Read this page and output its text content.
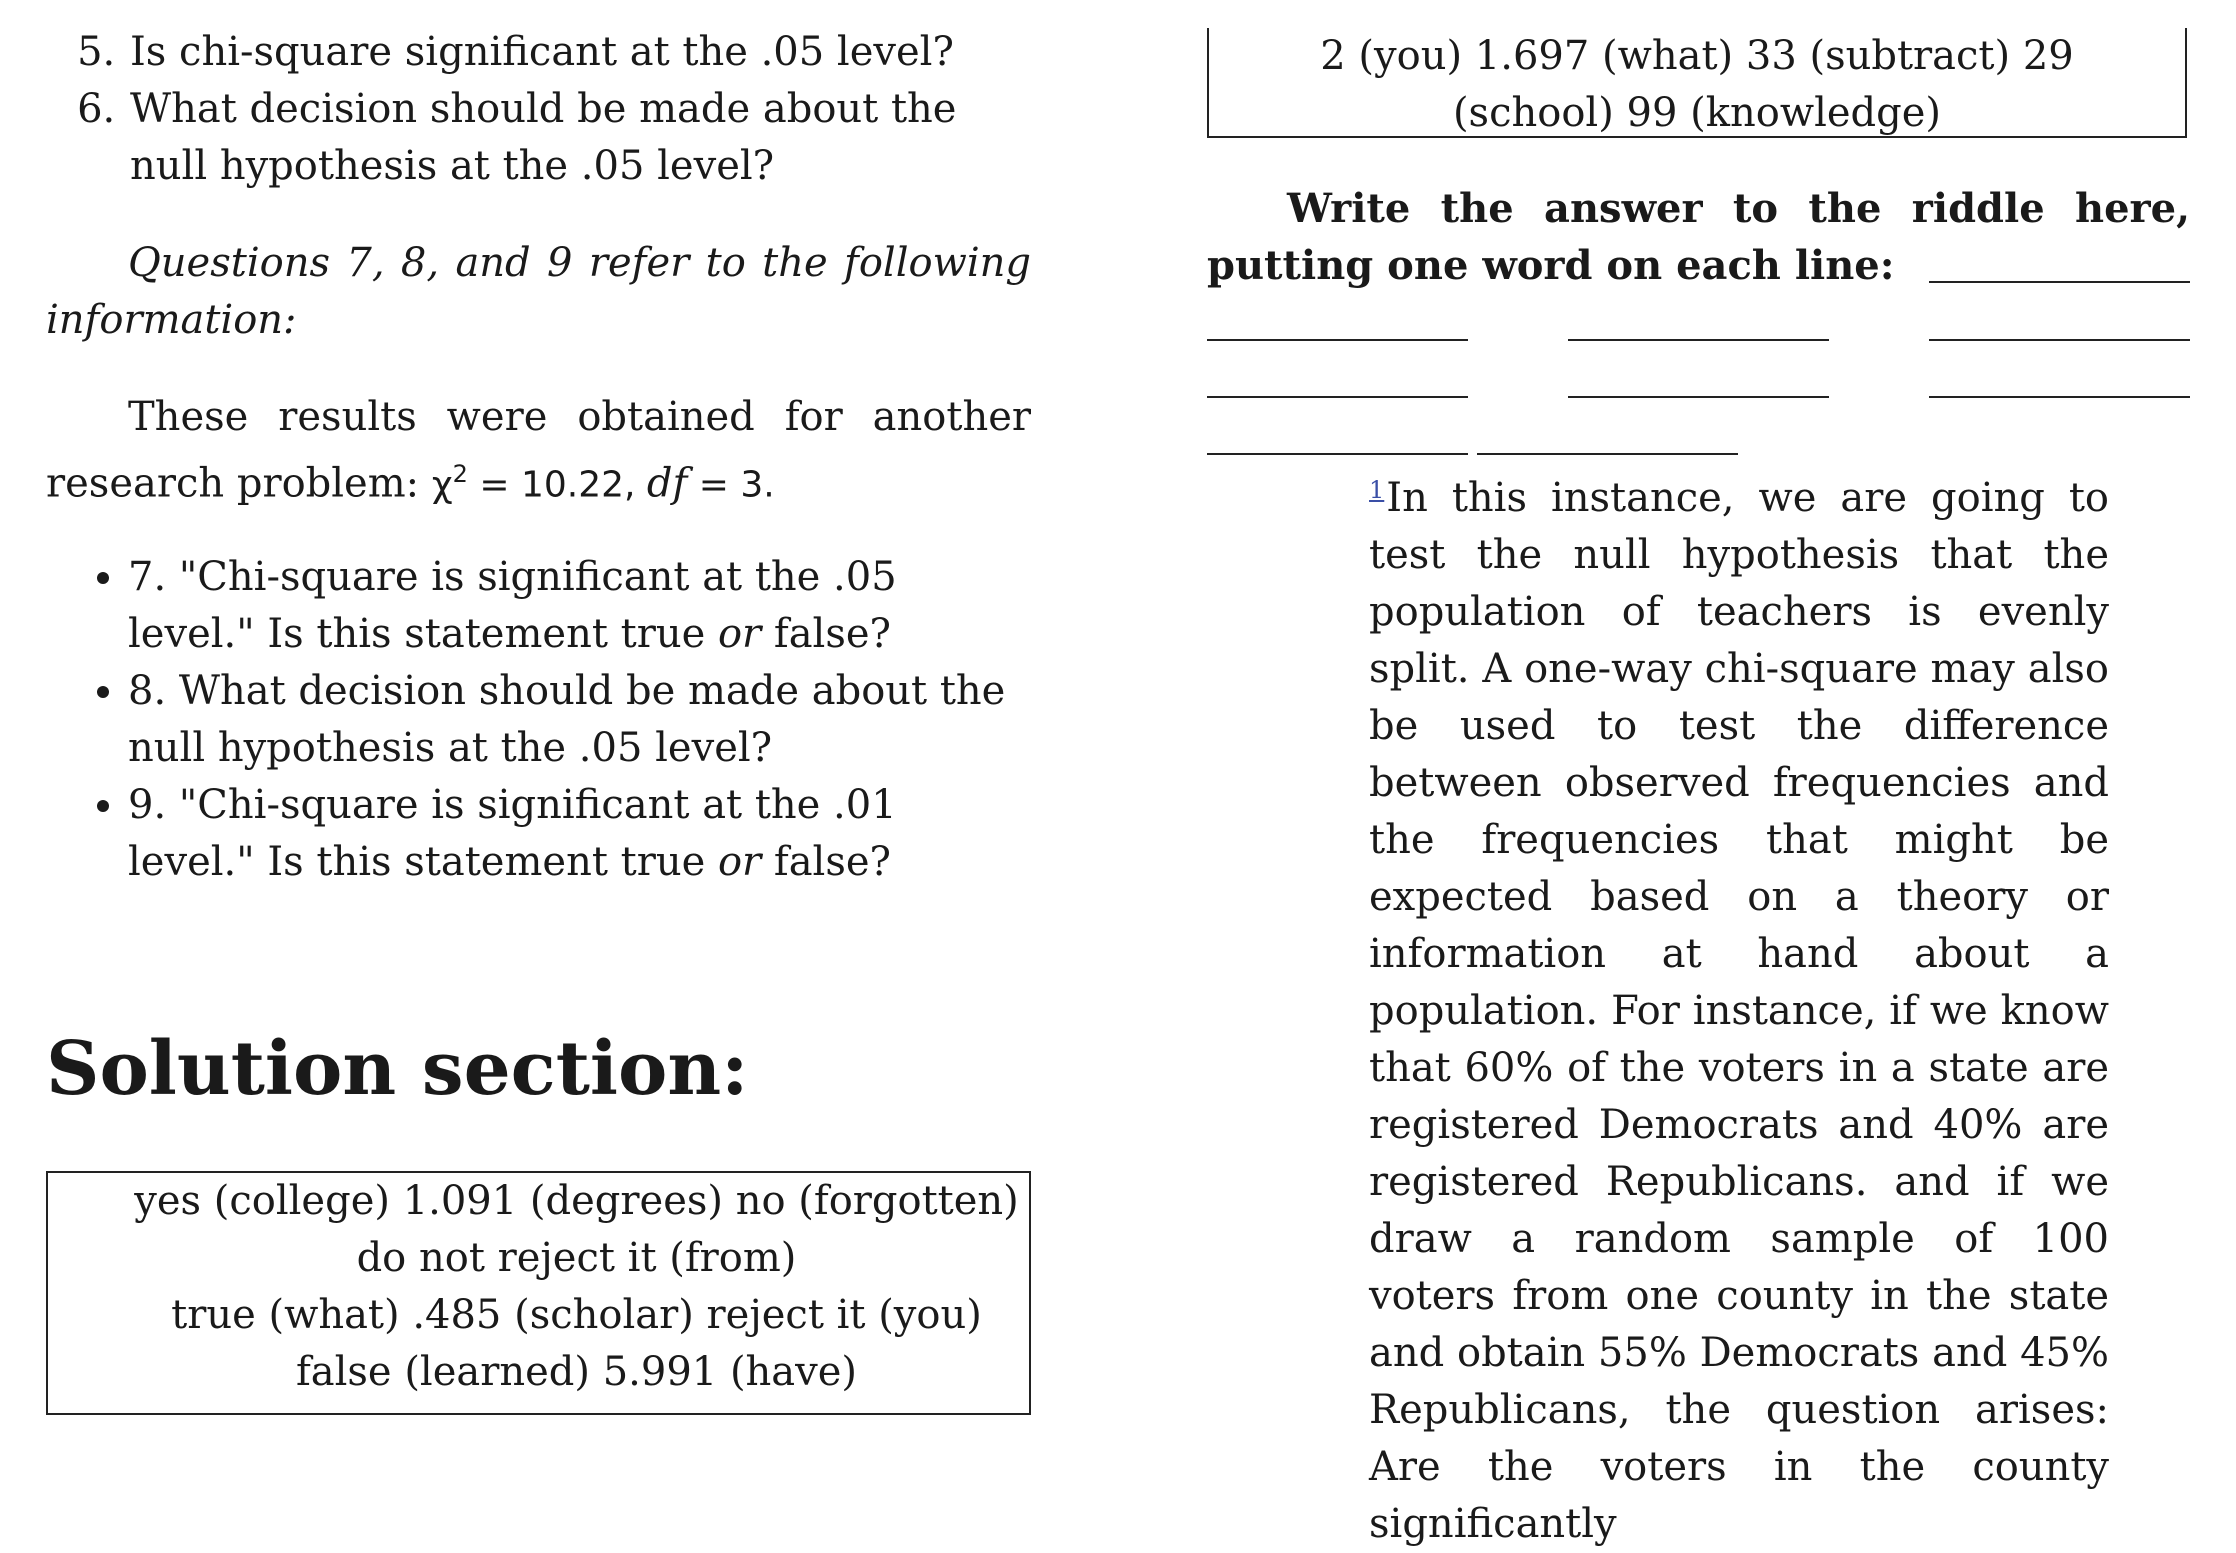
5. Is chi-square significant at the .05 level?
6. What decision should be made about the null hypothesis at the .05 level?

Questions 7, 8, and 9 refer to the following information:

These results were obtained for another research problem: $\chi^2 = 10.22$, df = 3.

• 7. "Chi-square is significant at the .05 level." Is this statement true or false?
• 8. What decision should be made about the null hypothesis at the .05 level?
• 9. "Chi-square is significant at the .01 level." Is this statement true or false?
Solution section:
yes (college) 1.091 (degrees) no (forgotten) do not reject it (from)
true (what) .485 (scholar) reject it (you) false (learned) 5.991 (have)
2 (you) 1.697 (what) 33 (subtract) 29 (school) 99 (knowledge)
Write the answer to the riddle here, putting one word on each line:
$^1$In this instance, we are going to test the null hypothesis that the population of teachers is evenly split. A one-way chi-square may also be used to test the difference between observed frequencies and the frequencies that might be expected based on a theory or information at hand about a population. For instance, if we know that 60% of the voters in a state are registered Democrats and 40% are registered Republicans. and if we draw a random sample of 100 voters from one county in the state and obtain 55% Democrats and 45% Republicans, the question arises: Are the voters in the county significantly
